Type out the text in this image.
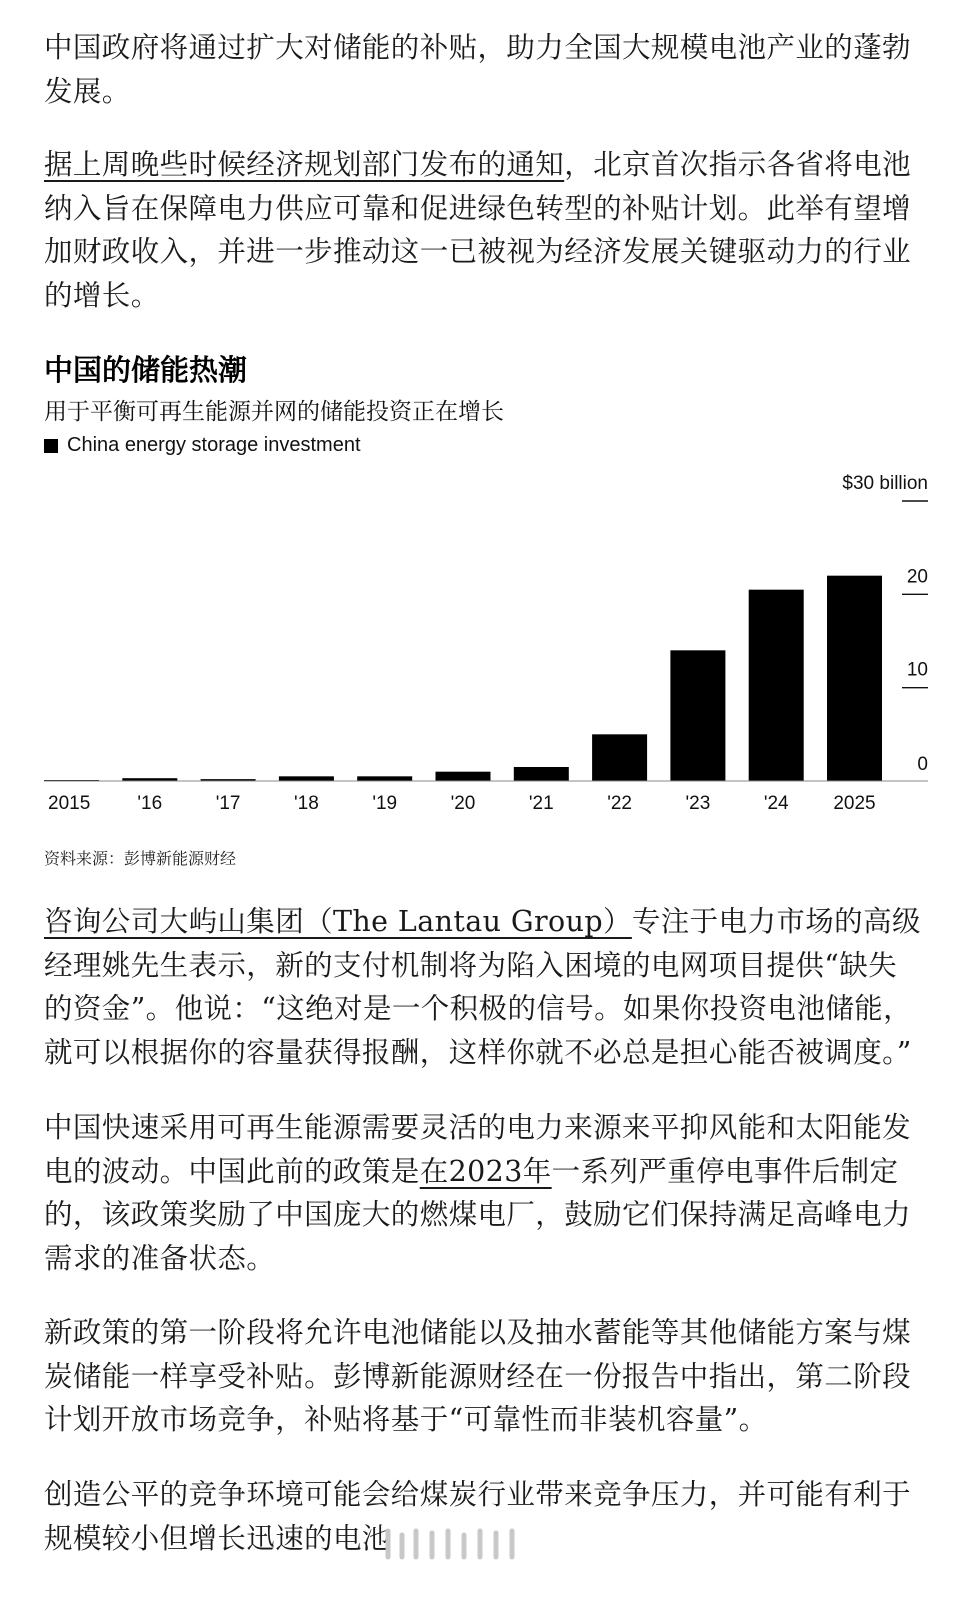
中国政府将通过扩大对储能的补贴，助力全国大规模电池产业的蓬勃发展。

据上周晚些时候经济规划部门发布的通知，北京首次指示各省将电池纳入旨在保障电力供应可靠和促进绿色转型的补贴计划。此举有望增加财政收入，并进一步推动这一已被视为经济发展关键驱动力的行业的增长。

中国的储能热潮
用于平衡可再生能源并网的储能投资正在增长
China energy storage investment
$30 billion
20
10
0
2015 '16	'17	'18	'19	'20	'21	'22	'23	'24 2025
资料来源：彭博新能源财经

咨询公司大屿山集团（The Lantau Group）专注于电力市场的高级经理姚先生表示，新的支付机制将为陷入困境的电网项目提供“缺失的资金”。他说：“这绝对是一个积极的信号。如果你投资电池储能，就可以根据你的容量获得报酬，这样你就不必总是担心能否被调度。”

中国快速采用可再生能源需要灵活的电力来源来平抑风能和太阳能发电的波动。中国此前的政策是在2023年一系列严重停电事件后制定的，该政策奖励了中国庞大的燃煤电厂，鼓励它们保持满足高峰电力需求的准备状态。

新政策的第一阶段将允许电池储能以及抽水蓄能等其他储能方案与煤炭储能一样享受补贴。彭博新能源财经在一份报告中指出，第二阶段计划开放市场竞争，补贴将基于“可靠性而非装机容量”。

创造公平的竞争环境可能会给煤炭行业带来竞争压力，并可能有利于规模较小但增长迅速的电池
